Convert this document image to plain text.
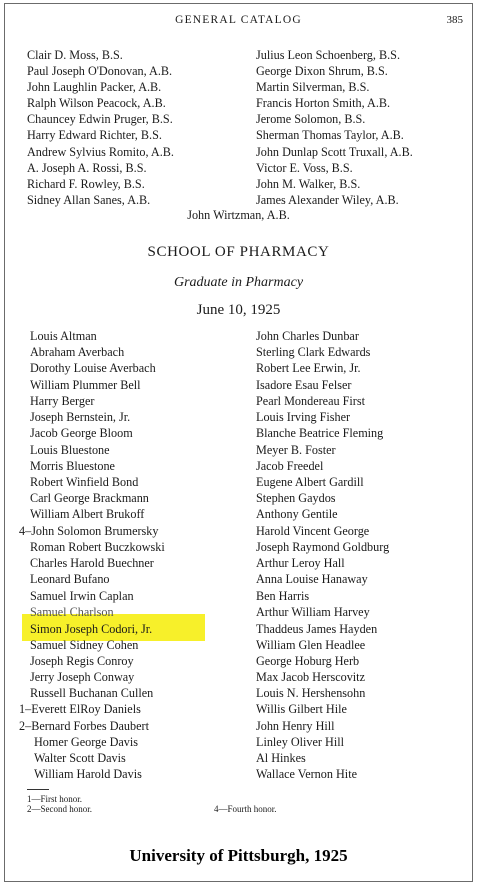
GENERAL CATALOG	385
Clair D. Moss, B.S.	Julius Leon Schoenberg, B.S.
Paul Joseph O'Donovan, A.B.	George Dixon Shrum, B.S.
John Laughlin Packer, A.B.	Martin Silverman, B.S.
Ralph Wilson Peacock, A.B.	Francis Horton Smith, A.B.
Chauncey Edwin Pruger, B.S.	Jerome Solomon, B.S.
Harry Edward Richter, B.S.	Sherman Thomas Taylor, A.B.
Andrew Sylvius Romito, A.B.	John Dunlap Scott Truxall, A.B.
A. Joseph A. Rossi, B.S.	Victor E. Voss, B.S.
Richard F. Rowley, B.S.	John M. Walker, B.S.
Sidney Allan Sanes, A.B.	James Alexander Wiley, A.B.
John Wirtzman, A.B.
SCHOOL OF PHARMACY
Graduate in Pharmacy
June 10, 1925
Louis Altman	John Charles Dunbar
Abraham Averbach	Sterling Clark Edwards
Dorothy Louise Averbach	Robert Lee Erwin, Jr.
William Plummer Bell	Isadore Esau Felser
Harry Berger	Pearl Mondereau First
Joseph Bernstein, Jr.	Louis Irving Fisher
Jacob George Bloom	Blanche Beatrice Fleming
Louis Bluestone	Meyer B. Foster
Morris Bluestone	Jacob Freedel
Robert Winfield Bond	Eugene Albert Gardill
Carl George Brackmann	Stephen Gaydos
William Albert Brukoff	Anthony Gentile
4–John Solomon Brumersky	Harold Vincent George
Roman Robert Buczkowski	Joseph Raymond Goldburg
Charles Harold Buechner	Arthur Leroy Hall
Leonard Bufano	Anna Louise Hanaway
Samuel Irwin Caplan	Ben Harris
Samuel Charlson	Arthur William Harvey
Simon Joseph Codori, Jr.	Thaddeus James Hayden
Samuel Sidney Cohen	William Glen Headlee
Joseph Regis Conroy	George Hoburg Herb
Jerry Joseph Conway	Max Jacob Herscovitz
Russell Buchanan Cullen	Louis N. Hershensohn
1–Everett ElRoy Daniels	Willis Gilbert Hile
2–Bernard Forbes Daubert	John Henry Hill
Homer George Davis	Linley Oliver Hill
Walter Scott Davis	Al Hinkes
William Harold Davis	Wallace Vernon Hite
1—First honor.
2—Second honor.	4—Fourth honor.
University of Pittsburgh, 1925
